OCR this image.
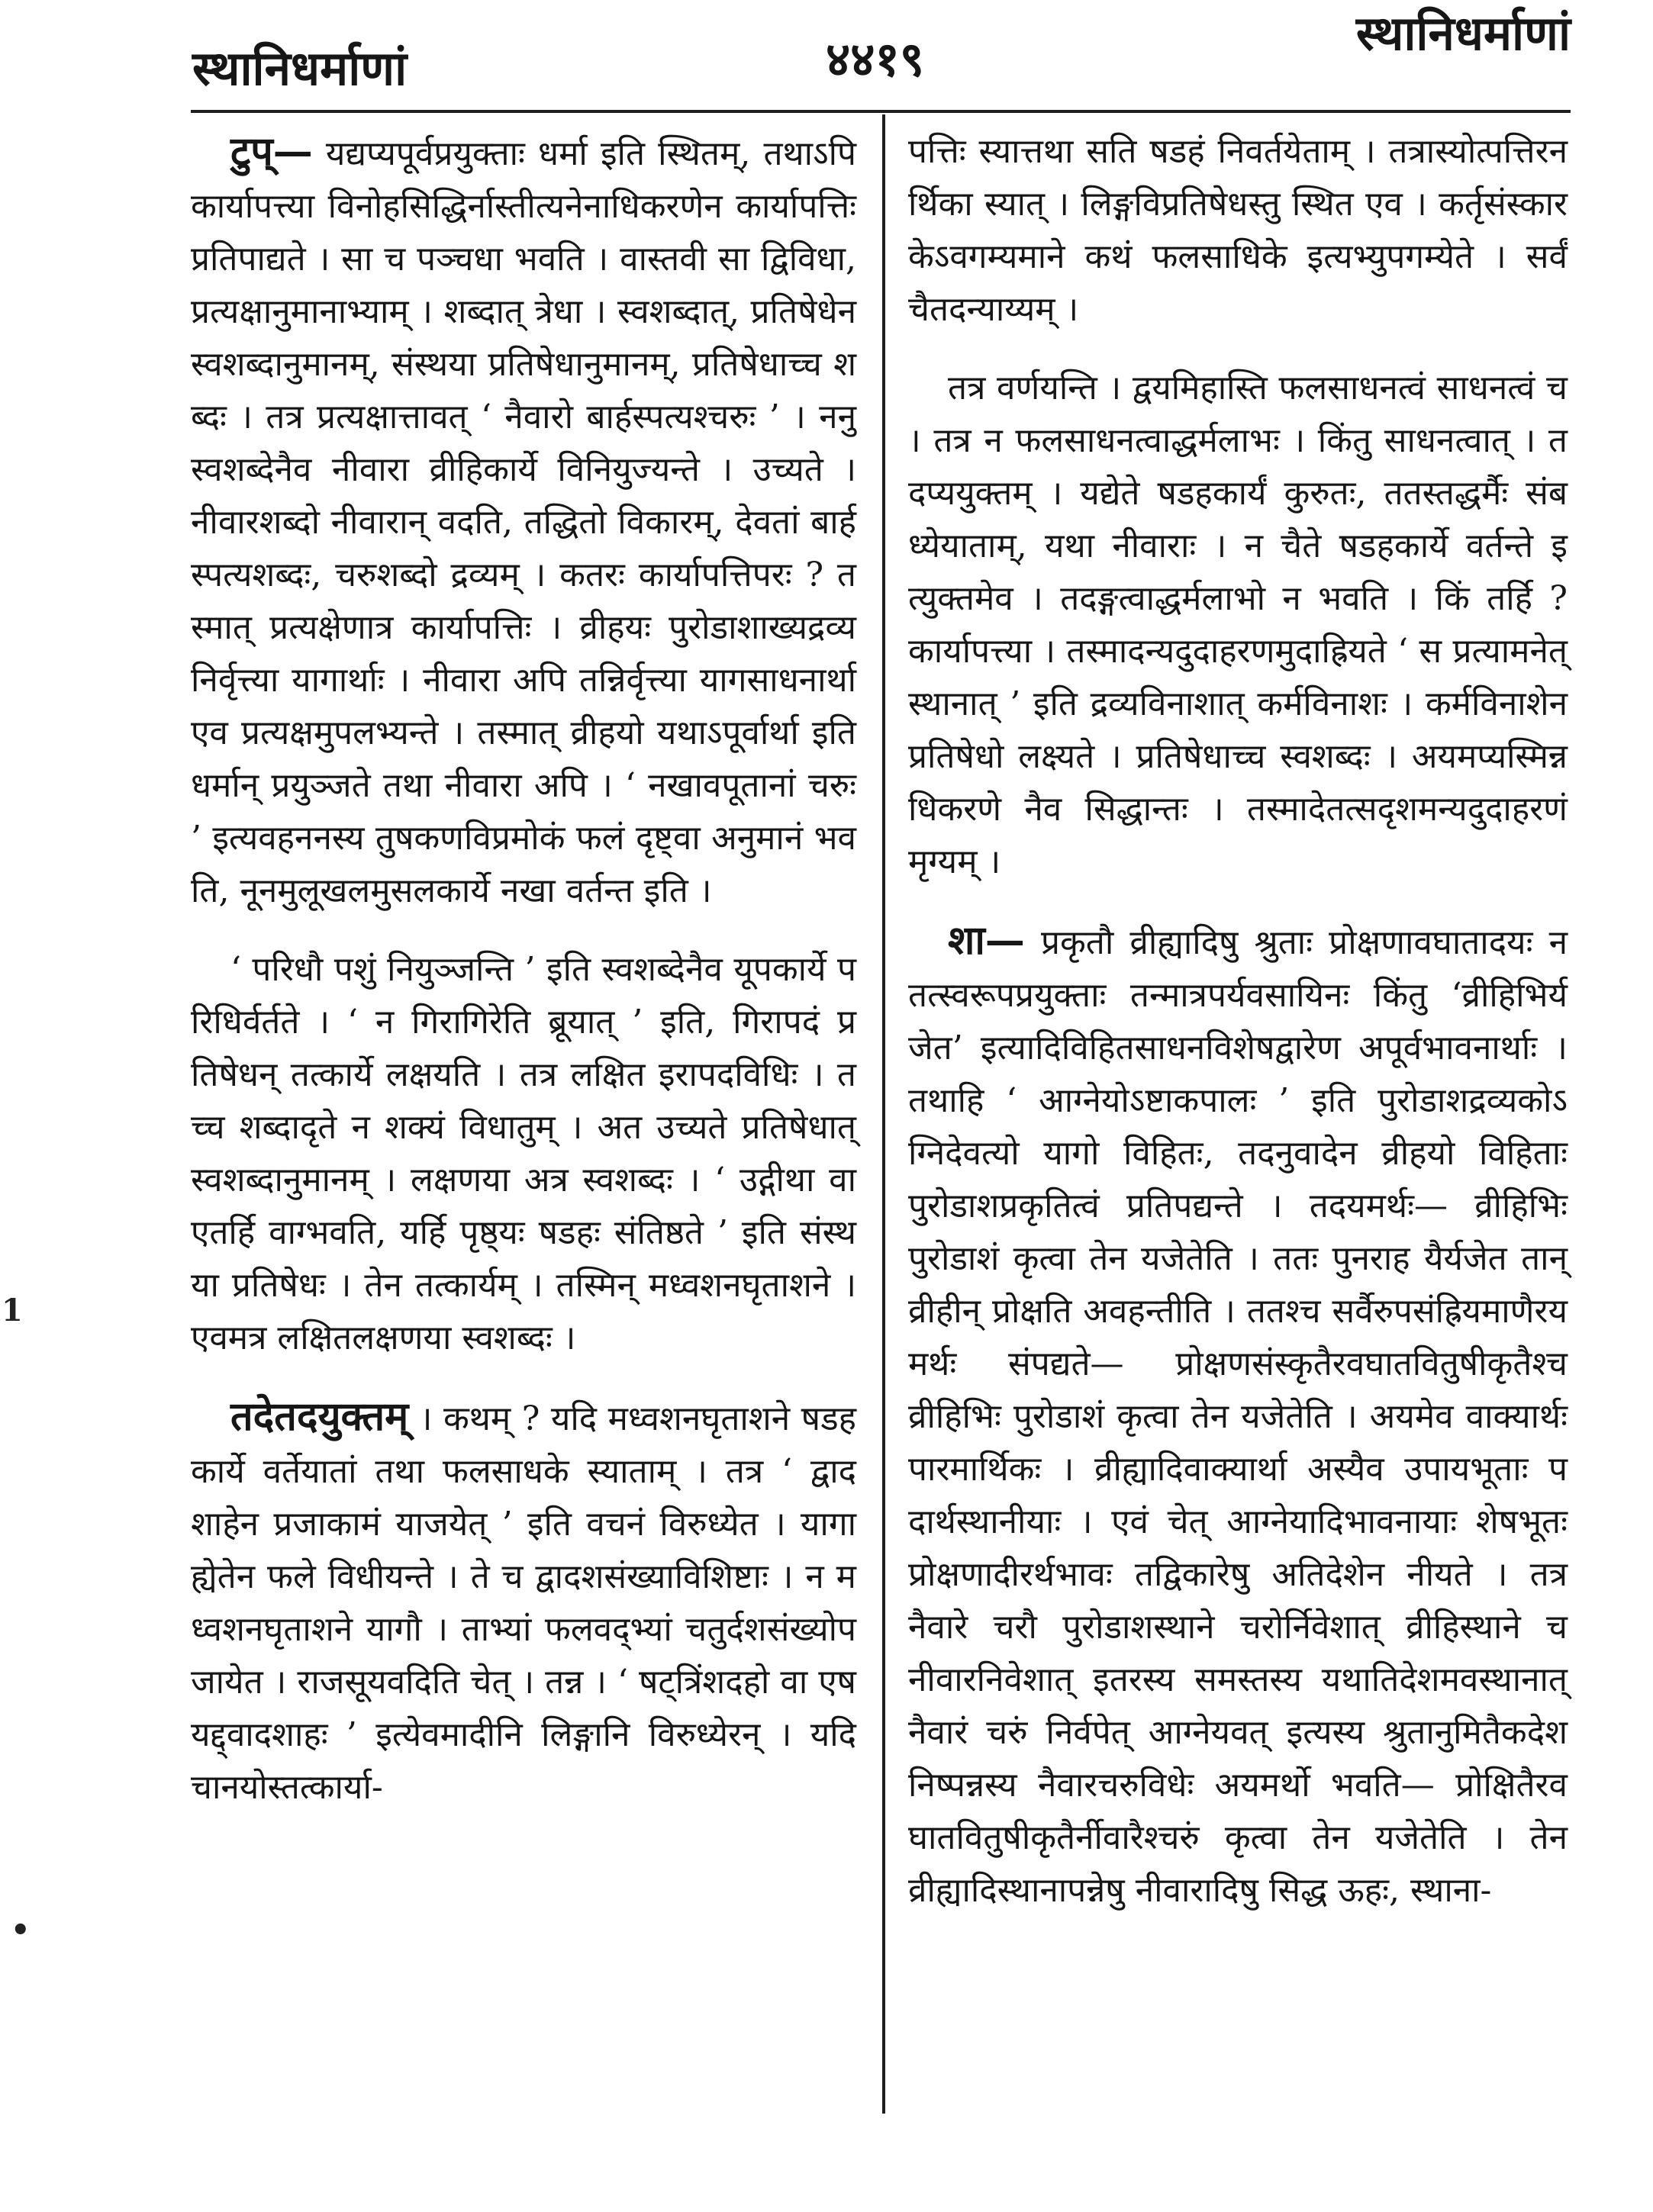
स्थानिधर्माणां	४४१९	स्थानिधर्माणां

टुप्— यद्यप्यपूर्वप्रयुक्ताः धर्मा इति स्थितम्, तथाऽपि कार्यापत्त्या विनोहसिद्धिर्नास्तीत्यनेनाधिकरणेन कार्यापत्तिः प्रतिपाद्यते । सा च पञ्चधा भवति । वास्तवी सा द्विविधा, प्रत्यक्षानुमानाभ्याम् । शब्दात् त्रेधा । स्वशब्दात्, प्रतिषेधेन स्वशब्दानुमानम्, संस्थया प्रतिषेधानुमानम्, प्रतिषेधाच्च शब्दः । तत्र प्रत्यक्षात्तावत् ‘ नैवारो बार्हस्पत्यश्चरुः ’ । ननु स्वशब्देनैव नीवारा व्रीहिकार्ये विनियुज्यन्ते । उच्यते । नीवारशब्दो नीवारान् वदति, तद्धितो विकारम्, देवतां बार्हस्पत्यशब्दः, चरुशब्दो द्रव्यम् । कतरः कार्यापत्तिपरः ? तस्मात् प्रत्यक्षेणात्र कार्यापत्तिः । व्रीहयः पुरोडाशाख्यद्रव्यनिर्वृत्त्या यागार्थाः । नीवारा अपि तन्निर्वृत्त्या यागसाधनार्था एव प्रत्यक्षमुपलभ्यन्ते । तस्मात् व्रीहयो यथाऽपूर्वार्था इति धर्मान् प्रयुञ्जते तथा नीवारा अपि । ‘ नखावपूतानां चरुः ’ इत्यवहननस्य तुषकणविप्रमोकं फलं दृष्ट्वा अनुमानं भवति, नूनमुलूखलमुसलकार्ये नखा वर्तन्त इति ।

‘ परिधौ पशुं नियुञ्जन्ति ’ इति स्वशब्देनैव यूपकार्ये परिधिर्वर्तते । ‘ न गिरागिरेति ब्रूयात् ’ इति, गिरापदं प्रतिषेधन् तत्कार्ये लक्षयति । तत्र लक्षित इरापदविधिः । तच्च शब्दादृते न शक्यं विधातुम् । अत उच्यते प्रतिषेधात् स्वशब्दानुमानम् । लक्षणया अत्र स्वशब्दः । ‘ उद्गीथा वा एतर्हि वाग्भवति, यर्हि पृष्ठ्यः षडहः संतिष्ठते ’ इति संस्थया प्रतिषेधः । तेन तत्कार्यम् । तस्मिन् मध्वशनघृताशने । एवमत्र लक्षितलक्षणया स्वशब्दः ।

तदेतदयुक्तम् । कथम् ? यदि मध्वशनघृताशने षडहकार्ये वर्तेयातां तथा फलसाधके स्याताम् । तत्र ‘ द्वादशाहेन प्रजाकामं याजयेत् ’ इति वचनं विरुध्येत । यागा ह्येतेन फले विधीयन्ते । ते च द्वादशसंख्याविशिष्टाः । न मध्वशनघृताशने यागौ । ताभ्यां फलवद्भ्यां चतुर्दशसंख्योपजायेत । राजसूयवदिति चेत् । तन्न । ‘ षट्त्रिंशदहो वा एष यद्द्वादशाहः ’ इत्येवमादीनि लिङ्गानि विरुध्येरन् । यदि चानयोस्तत्कार्या-

पत्तिः स्यात्तथा सति षडहं निवर्तयेताम् । तत्रास्योत्पत्तिरनर्थिका स्यात् । लिङ्गविप्रतिषेधस्तु स्थित एव । कर्तृसंस्कारकेऽवगम्यमाने कथं फलसाधिके इत्यभ्युपगम्येते । सर्वं चैतदन्याय्यम् ।

तत्र वर्णयन्ति । द्वयमिहास्ति फलसाधनत्वं साधनत्वं च । तत्र न फलसाधनत्वाद्धर्मलाभः । किंतु साधनत्वात् । तदप्ययुक्तम् । यद्येते षडहकार्यं कुरुतः, ततस्तद्धर्मैः संबध्येयाताम्, यथा नीवाराः । न चैते षडहकार्ये वर्तन्ते इत्युक्तमेव । तदङ्गत्वाद्धर्मलाभो न भवति । किं तर्हि ? कार्यापत्त्या । तस्मादन्यदुदाहरणमुदाह्रियते ‘ स प्रत्यामनेत् स्थानात् ’ इति द्रव्यविनाशात् कर्मविनाशः । कर्मविनाशेन प्रतिषेधो लक्ष्यते । प्रतिषेधाच्च स्वशब्दः । अयमप्यस्मिन्नधिकरणे नैव सिद्धान्तः । तस्मादेतत्सदृशमन्यदुदाहरणं मृग्यम् ।

शा— प्रकृतौ व्रीह्यादिषु श्रुताः प्रोक्षणावघातादयः न तत्स्वरूपप्रयुक्ताः तन्मात्रपर्यवसायिनः किंतु ‘व्रीहिभिर्यजेत’ इत्यादिविहितसाधनविशेषद्वारेण अपूर्वभावनार्थाः । तथाहि ‘ आग्नेयोऽष्टाकपालः ’ इति पुरोडाशद्रव्यकोऽग्निदेवत्यो यागो विहितः, तदनुवादेन व्रीहयो विहिताः पुरोडाशप्रकृतित्वं प्रतिपद्यन्ते । तदयमर्थः— व्रीहिभिः पुरोडाशं कृत्वा तेन यजेतेति । ततः पुनराह यैर्यजेत तान् व्रीहीन् प्रोक्षति अवहन्तीति । ततश्च सर्वैरुपसंह्रियमाणैरयमर्थः संपद्यते— प्रोक्षणसंस्कृतैरवघातवितुषीकृतैश्च व्रीहिभिः पुरोडाशं कृत्वा तेन यजेतेति । अयमेव वाक्यार्थः पारमार्थिकः । व्रीह्यादिवाक्यार्था अस्यैव उपायभूताः पदार्थस्थानीयाः । एवं चेत् आग्नेयादिभावनायाः शेषभूतः प्रोक्षणादीरर्थभावः तद्विकारेषु अतिदेशेन नीयते । तत्र नैवारे चरौ पुरोडाशस्थाने चरोर्निवेशात् व्रीहिस्थाने च नीवारनिवेशात् इतरस्य समस्तस्य यथातिदेशमवस्थानात् नैवारं चरुं निर्वपेत् आग्नेयवत् इत्यस्य श्रुतानुमितैकदेशनिष्पन्नस्य नैवारचरुविधेः अयमर्थो भवति— प्रोक्षितैरवघातवितुषीकृतैर्नीवारैश्चरुं कृत्वा तेन यजेतेति । तेन व्रीह्यादिस्थानापन्नेषु नीवारादिषु सिद्ध ऊहः, स्थाना-

1
•
